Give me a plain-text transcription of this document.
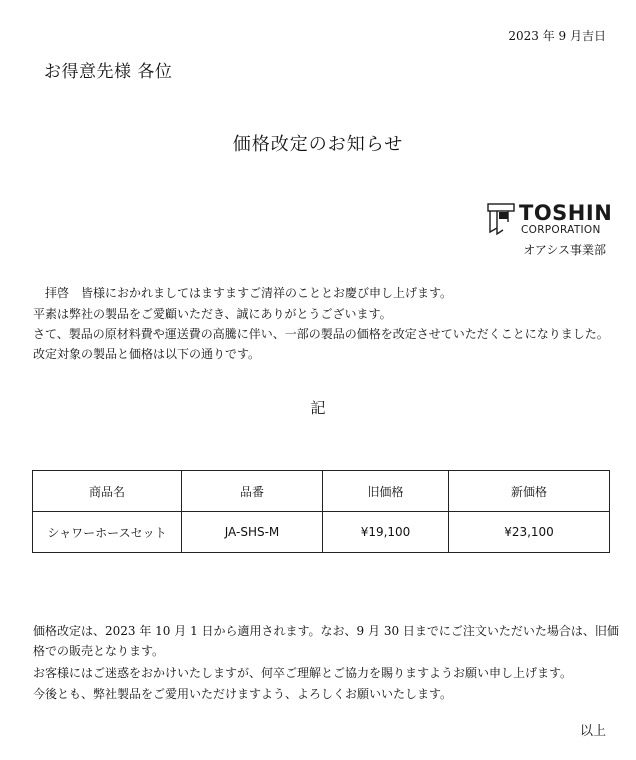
2023 年 9 月吉日
お得意先様 各位
価格改定のお知らせ
TOSHIN
CORPORATION
オアシス事業部
　拝啓　皆様におかれましてはますますご清祥のこととお慶び申し上げます。
平素は弊社の製品をご愛顧いただき、誠にありがとうございます。
さて、製品の原材料費や運送費の高騰に伴い、一部の製品の価格を改定させていただくことになりました。
改定対象の製品と価格は以下の通りです。
記
商品名	品番	旧価格	新価格
シャワーホースセット	JA-SHS-M	¥19,100	¥23,100
価格改定は、2023 年 10 月 1 日から適用されます。なお、9 月 30 日までにご注文いただいた場合は、旧価
格での販売となります。
お客様にはご迷惑をおかけいたしますが、何卒ご理解とご協力を賜りますようお願い申し上げます。
今後とも、弊社製品をご愛用いただけますよう、よろしくお願いいたします。
以上
